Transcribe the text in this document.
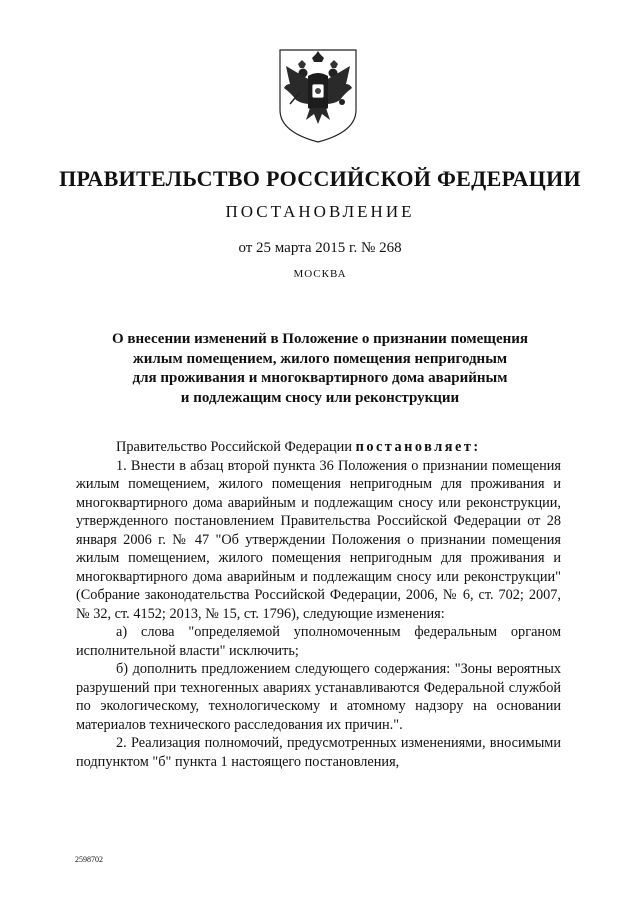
ПРАВИТЕЛЬСТВО РОССИЙСКОЙ ФЕДЕРАЦИИ
ПОСТАНОВЛЕНИЕ
от 25 марта 2015 г. № 268
МОСКВА
О внесении изменений в Положение о признании помещения
жилым помещением, жилого помещения непригодным
для проживания и многоквартирного дома аварийным
и подлежащим сносу или реконструкции

Правительство Российской Федерации постановляет:

1. Внести в абзац второй пункта 36 Положения о признании помещения жилым помещением, жилого помещения непригодным для проживания и многоквартирного дома аварийным и подлежащим сносу или реконструкции, утвержденного постановлением Правительства Российской Федерации от 28 января 2006 г. № 47 "Об утверждении Положения о признании помещения жилым помещением, жилого помещения непригодным для проживания и многоквартирного дома аварийным и подлежащим сносу или реконструкции" (Собрание законодательства Российской Федерации, 2006, № 6, ст. 702; 2007, № 32, ст. 4152; 2013, № 15, ст. 1796), следующие изменения:

а) слова "определяемой уполномоченным федеральным органом исполнительной власти" исключить;

б) дополнить предложением следующего содержания: "Зоны вероятных разрушений при техногенных авариях устанавливаются Федеральной службой по экологическому, технологическому и атомному надзору на основании материалов технического расследования их причин.".

2. Реализация полномочий, предусмотренных изменениями, вносимыми подпунктом "б" пункта 1 настоящего постановления,

2598702
